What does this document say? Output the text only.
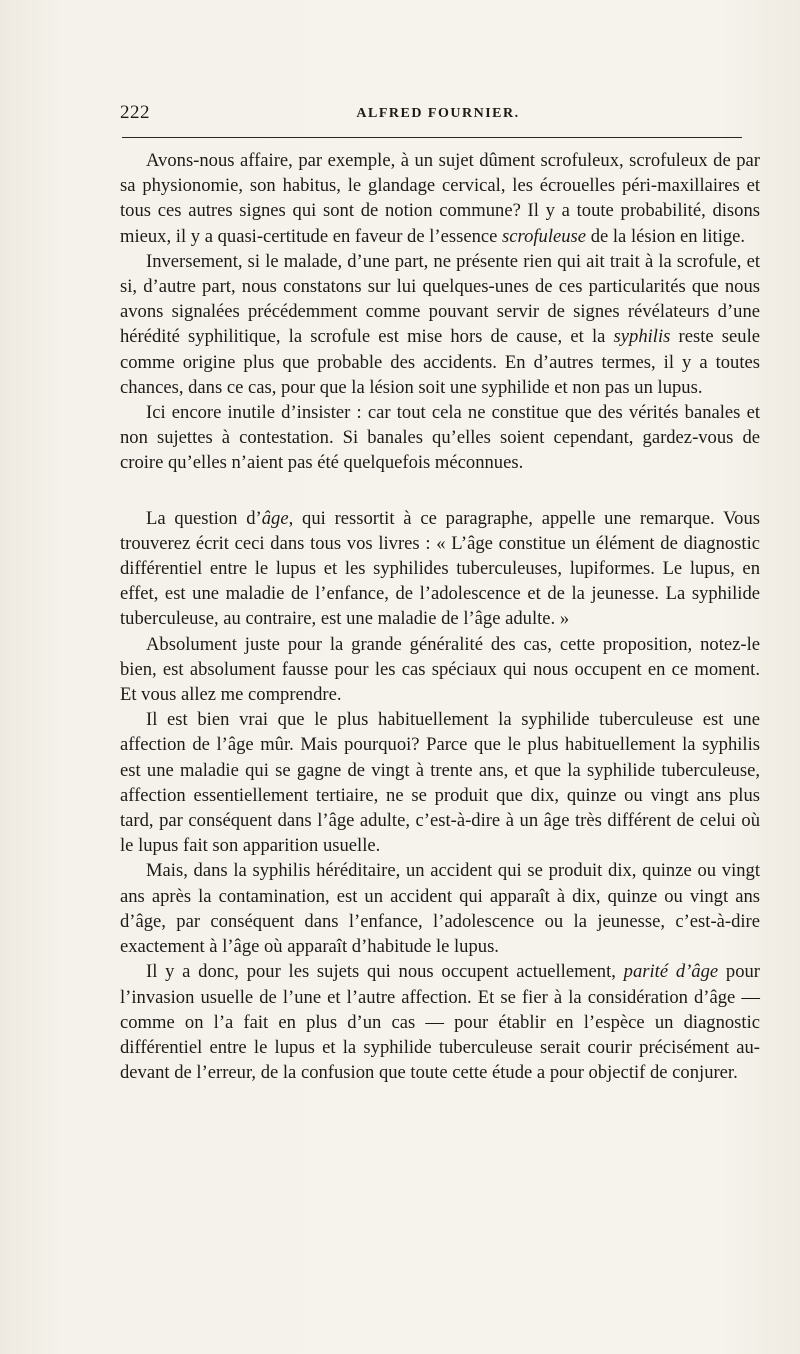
222	ALFRED FOURNIER.

Avons-nous affaire, par exemple, à un sujet dûment scrofuleux, scrofuleux de par sa physionomie, son habitus, le glandage cervical, les écrouelles péri-maxillaires et tous ces autres signes qui sont de notion commune? Il y a toute probabilité, disons mieux, il y a quasi-certitude en faveur de l’essence scrofuleuse de la lésion en litige.

Inversement, si le malade, d’une part, ne présente rien qui ait trait à la scrofule, et si, d’autre part, nous constatons sur lui quelques-unes de ces particularités que nous avons signalées précédemment comme pouvant servir de signes révélateurs d’une hérédité syphilitique, la scrofule est mise hors de cause, et la syphilis reste seule comme origine plus que probable des accidents. En d’autres termes, il y a toutes chances, dans ce cas, pour que la lésion soit une syphilide et non pas un lupus.

Ici encore inutile d’insister : car tout cela ne constitue que des vérités banales et non sujettes à contestation. Si banales qu’elles soient cependant, gardez-vous de croire qu’elles n’aient pas été quelquefois méconnues.

La question d’âge, qui ressortit à ce paragraphe, appelle une remarque. Vous trouverez écrit ceci dans tous vos livres : « L’âge constitue un élément de diagnostic différentiel entre le lupus et les syphilides tuberculeuses, lupiformes. Le lupus, en effet, est une maladie de l’enfance, de l’adolescence et de la jeunesse. La syphilide tuberculeuse, au contraire, est une maladie de l’âge adulte. »

Absolument juste pour la grande généralité des cas, cette proposition, notez-le bien, est absolument fausse pour les cas spéciaux qui nous occupent en ce moment. Et vous allez me comprendre.

Il est bien vrai que le plus habituellement la syphilide tuberculeuse est une affection de l’âge mûr. Mais pourquoi? Parce que le plus habituellement la syphilis est une maladie qui se gagne de vingt à trente ans, et que la syphilide tuberculeuse, affection essentiellement tertiaire, ne se produit que dix, quinze ou vingt ans plus tard, par conséquent dans l’âge adulte, c’est-à-dire à un âge très différent de celui où le lupus fait son apparition usuelle.

Mais, dans la syphilis héréditaire, un accident qui se produit dix, quinze ou vingt ans après la contamination, est un accident qui apparaît à dix, quinze ou vingt ans d’âge, par conséquent dans l’enfance, l’adolescence ou la jeunesse, c’est-à-dire exactement à l’âge où apparaît d’habitude le lupus.

Il y a donc, pour les sujets qui nous occupent actuellement, parité d’âge pour l’invasion usuelle de l’une et l’autre affection. Et se fier à la considération d’âge — comme on l’a fait en plus d’un cas — pour établir en l’espèce un diagnostic différentiel entre le lupus et la syphilide tuberculeuse serait courir précisément au-devant de l’erreur, de la confusion que toute cette étude a pour objectif de conjurer.
